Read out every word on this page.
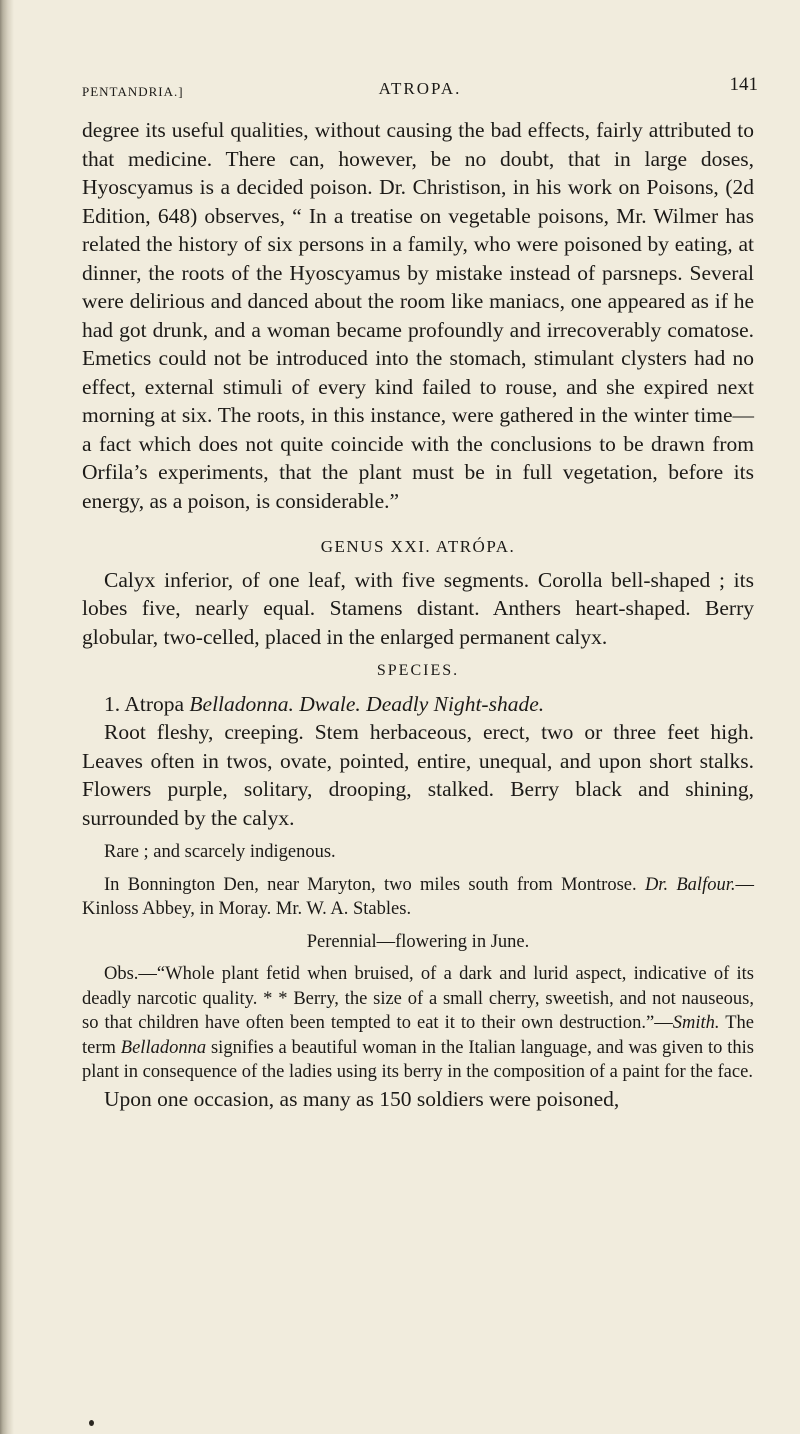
PENTANDRIA.]	ATROPA.	141

degree its useful qualities, without causing the bad effects, fairly attributed to that medicine. There can, however, be no doubt, that in large doses, Hyoscyamus is a decided poison. Dr. Christison, in his work on Poisons, (2d Edition, 648) observes, “ In a treatise on vegetable poisons, Mr. Wilmer has related the history of six persons in a family, who were poisoned by eating, at dinner, the roots of the Hyoscyamus by mistake instead of parsneps. Several were delirious and danced about the room like maniacs, one appeared as if he had got drunk, and a woman became profoundly and irrecoverably comatose. Emetics could not be introduced into the stomach, stimulant clysters had no effect, external stimuli of every kind failed to rouse, and she expired next morning at six. The roots, in this instance, were gathered in the winter time—a fact which does not quite coincide with the conclusions to be drawn from Orfila’s experiments, that the plant must be in full vegetation, before its energy, as a poison, is considerable.”

GENUS XXI. ATRÓPA.

Calyx inferior, of one leaf, with five segments. Corolla bell-shaped ; its lobes five, nearly equal. Stamens distant. Anthers heart-shaped. Berry globular, two-celled, placed in the enlarged permanent calyx.

SPECIES.

1. Atropa Belladonna. Dwale. Deadly Night-shade.

Root fleshy, creeping. Stem herbaceous, erect, two or three feet high. Leaves often in twos, ovate, pointed, entire, unequal, and upon short stalks. Flowers purple, solitary, drooping, stalked. Berry black and shining, surrounded by the calyx.

Rare ; and scarcely indigenous.

In Bonnington Den, near Maryton, two miles south from Montrose. Dr. Balfour.—Kinloss Abbey, in Moray. Mr. W. A. Stables.

Perennial—flowering in June.

Obs.—“Whole plant fetid when bruised, of a dark and lurid aspect, indicative of its deadly narcotic quality. * * Berry, the size of a small cherry, sweetish, and not nauseous, so that children have often been tempted to eat it to their own destruction.”—Smith. The term Belladonna signifies a beautiful woman in the Italian language, and was given to this plant in consequence of the ladies using its berry in the composition of a paint for the face.

Upon one occasion, as many as 150 soldiers were poisoned,
